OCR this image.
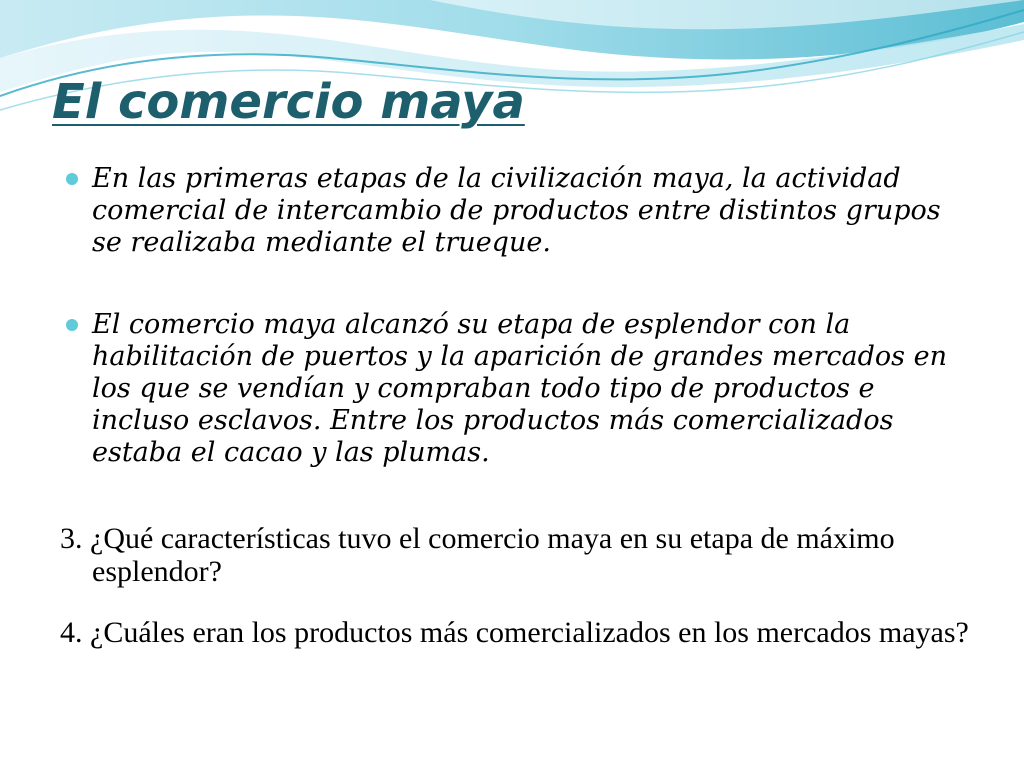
El comercio maya

En las primeras etapas de la civilización maya, la actividad comercial de intercambio de productos entre distintos grupos se realizaba mediante el trueque.

El comercio maya alcanzó su etapa de esplendor con la habilitación de puertos y la aparición de grandes mercados en los que se vendían y compraban todo tipo de productos e incluso esclavos. Entre los productos más comercializados estaba el cacao y las plumas.

3. ¿Qué características tuvo el comercio maya en su etapa de máximo esplendor?

4. ¿Cuáles eran los productos más comercializados en los mercados mayas?
